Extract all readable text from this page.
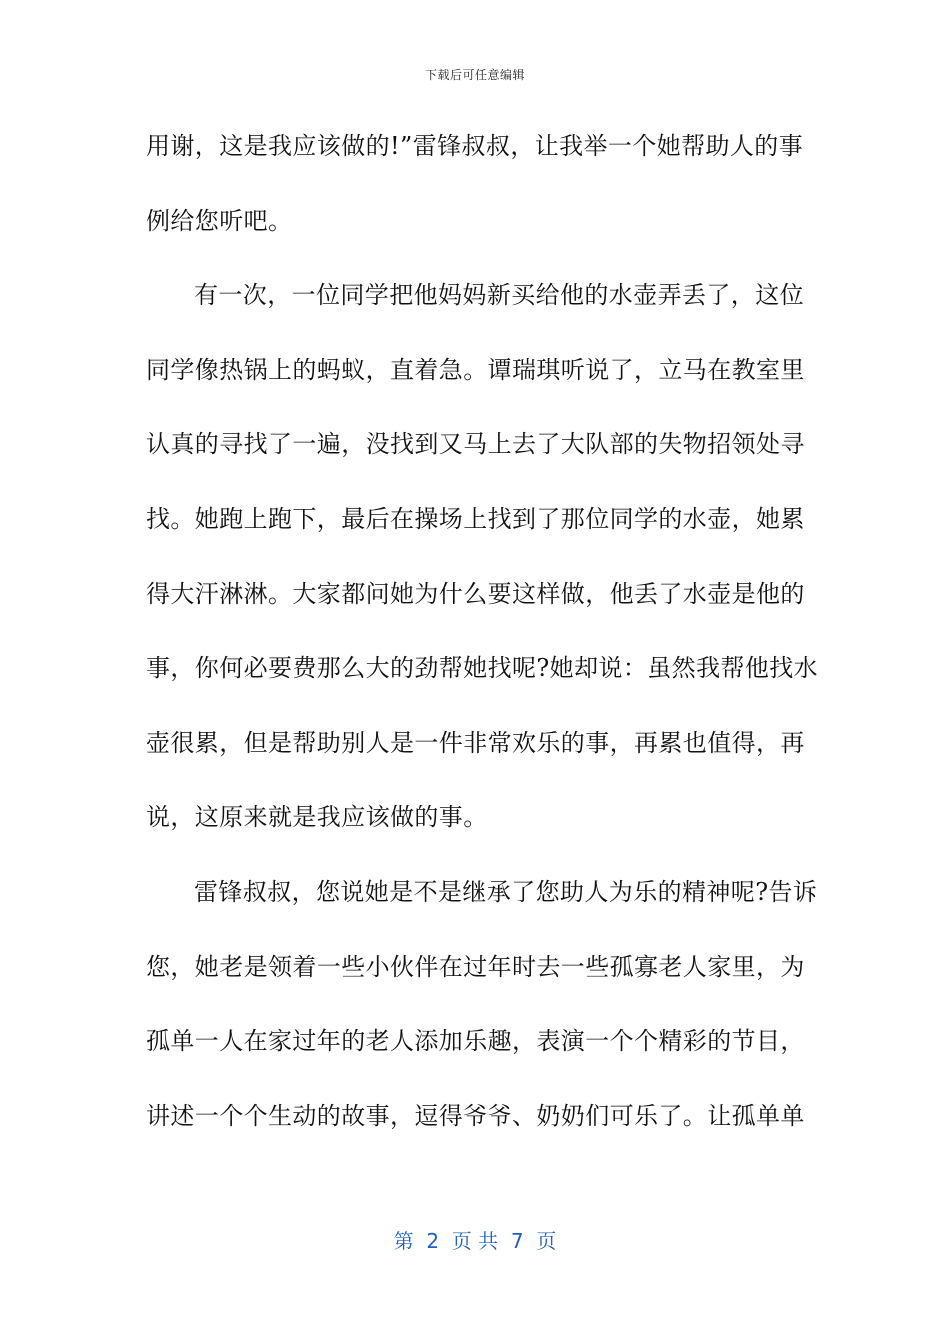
下载后可任意编辑
用谢，这是我应该做的!”雷锋叔叔，让我举一个她帮助人的事
例给您听吧。
有一次，一位同学把他妈妈新买给他的水壶弄丢了，这位
同学像热锅上的蚂蚁，直着急。谭瑞琪听说了，立马在教室里
认真的寻找了一遍，没找到又马上去了大队部的失物招领处寻
找。她跑上跑下，最后在操场上找到了那位同学的水壶，她累
得大汗淋淋。大家都问她为什么要这样做，他丢了水壶是他的
事，你何必要费那么大的劲帮她找呢?她却说：虽然我帮他找水
壶很累，但是帮助别人是一件非常欢乐的事，再累也值得，再
说，这原来就是我应该做的事。
雷锋叔叔，您说她是不是继承了您助人为乐的精神呢?告诉
您，她老是领着一些小伙伴在过年时去一些孤寡老人家里，为
孤单一人在家过年的老人添加乐趣，表演一个个精彩的节目，
讲述一个个生动的故事，逗得爷爷、奶奶们可乐了。让孤单单
第  2  页 共  7  页
